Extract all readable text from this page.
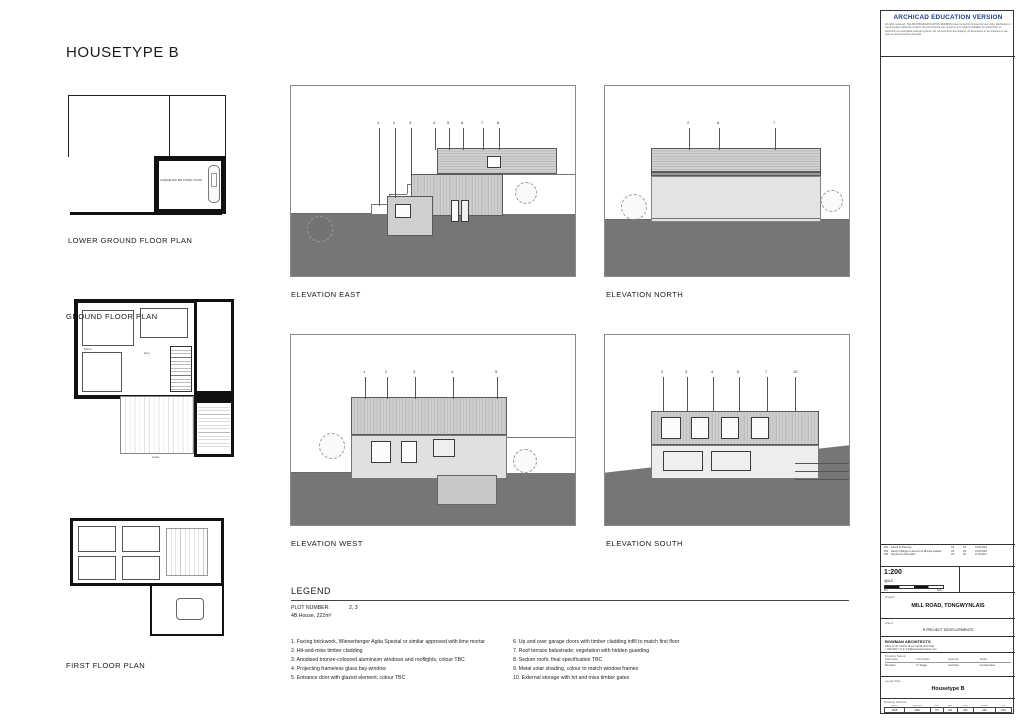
HOUSETYPE B
GARAGE AND BIN STORE / PLANT
LOWER GROUND FLOOR PLAN
kitchen
living
terrace
GROUND FLOOR PLAN
FIRST FLOOR PLAN
1	2	3	4	5	6	7	8
ELEVATION EAST
2	6	7
ELEVATION NORTH
1	2	3	4	9
ELEVATION WEST
2	3	4	5	7	10
ELEVATION SOUTH
LEGEND
PLOT NUMBER:	2, 3
4B House, 222m²
1. Facing brickwork, Wienerberger Agita Spezial or similar approved with lime mortar
2. Hit-and-miss timber cladding
3. Anodised bronze-coloured aluminium windows and rooflights, colour TBC
4. Projecting frameless glass bay window
5. Entrance door with glazed element, colour TBC
6. Up and over garage doors with timber cladding infill to match first floor
7. Roof terrace balustrade; vegetation with hidden guarding
8. Sedum roofs; final specification TBC
9. Metal solar shading, colour to match window frames
10. External storage with hit and miss timber gates
ARCHICAD EDUCATION VERSION
All rights reserved. This ARCHICAD EDUCATION VERSION does not permit commercial use, copy, distribution or commercially exploit the content. Non-commercial use concerns: it is made fit available for school form of electronic non-compliant retrieval systems. Do not scan from this drawing. All dimensions to be checked on site prior to commencement of works.
P01	Issued for Planning	AS	DV	10.05.2021
P02	Design Changes to account of Mid-rise updates	AS	DV	04.05.2021
P03	Revised for information	AS	DV	11.05.2021
1:200
@A2
0m	10m
Project:
MILL ROAD, TONGWYNLAIS
Client:
R PROJECT DEVELOPMENTS
BOWMAN ARCHITECTS
Office 02 4/7 Charles Street Cardiff CF10 2GE
t: 029 2034 7 44 E: info@bowmanarchitects.com
Drawing Status:
Preliminary	Information	Approval	Tender
Revision	P. Stage	Contract	Construction
Layout Title:
Housetype B
Drawing Number:
project	originator	level	type	series	number	rev
1008	GBA	XX	DR	200	052	P03
